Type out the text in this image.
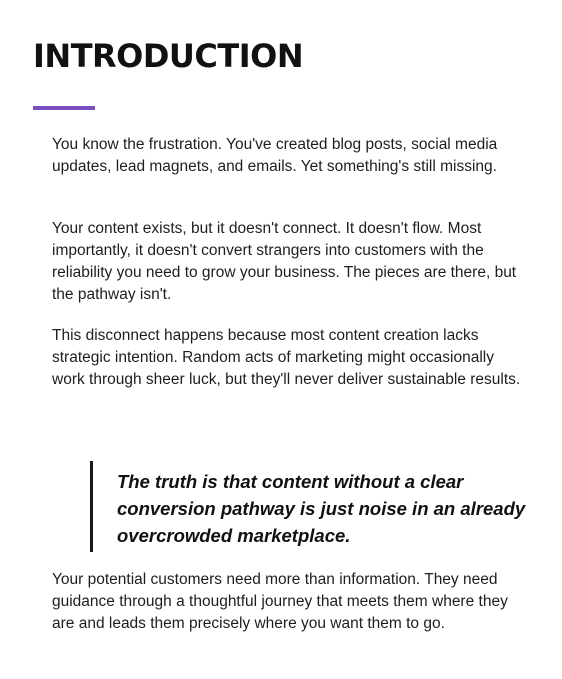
INTRODUCTION

You know the frustration. You've created blog posts, social media updates, lead magnets, and emails. Yet something's still missing.

Your content exists, but it doesn't connect. It doesn't flow. Most importantly, it doesn't convert strangers into customers with the reliability you need to grow your business. The pieces are there, but the pathway isn't.

This disconnect happens because most content creation lacks strategic intention. Random acts of marketing might occasionally work through sheer luck, but they'll never deliver sustainable results.

The truth is that content without a clear conversion pathway is just noise in an already overcrowded marketplace.

Your potential customers need more than information. They need guidance through a thoughtful journey that meets them where they are and leads them precisely where you want them to go.
